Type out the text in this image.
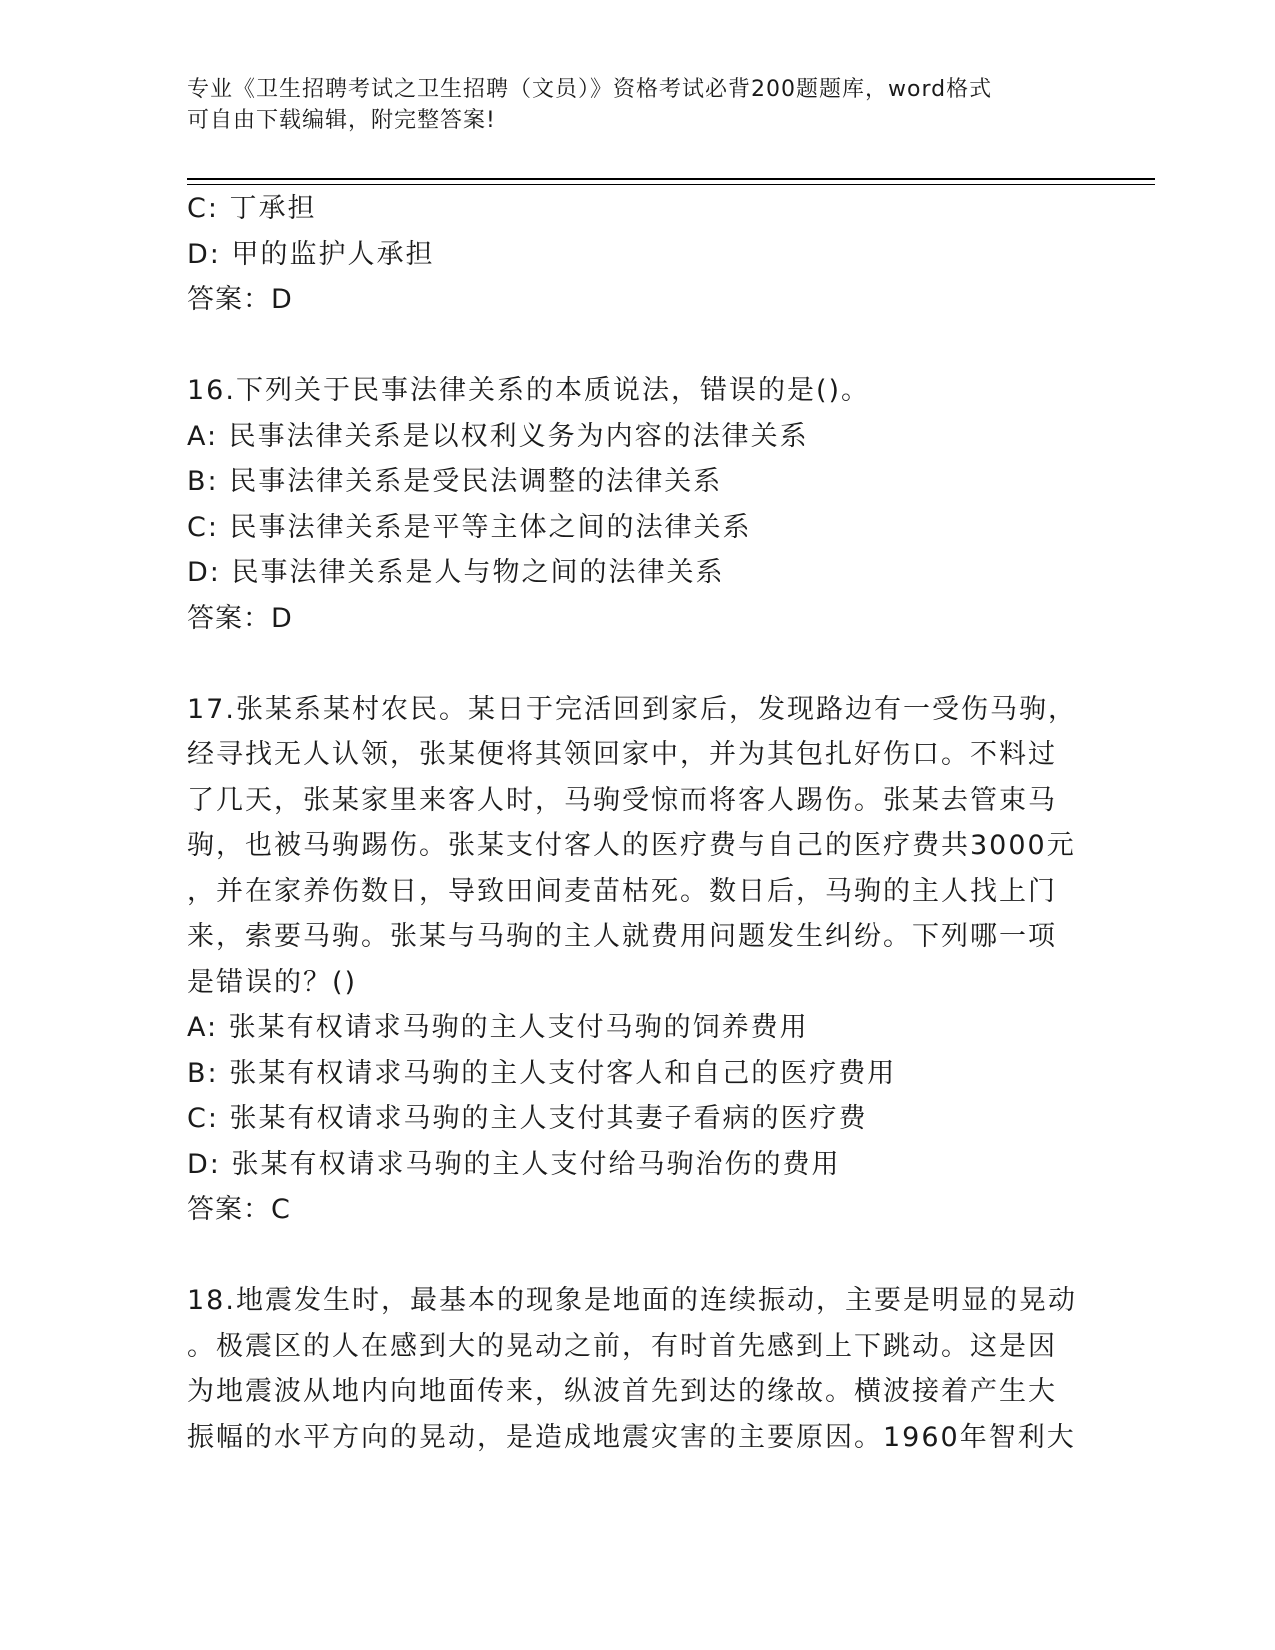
专业《卫生招聘考试之卫生招聘（文员）》资格考试必背200题题库，word格式
可自由下载编辑，附完整答案!
C: 丁承担
D: 甲的监护人承担
答案：D
16.下列关于民事法律关系的本质说法，错误的是()。
A: 民事法律关系是以权利义务为内容的法律关系
B: 民事法律关系是受民法调整的法律关系
C: 民事法律关系是平等主体之间的法律关系
D: 民事法律关系是人与物之间的法律关系
答案：D
17.张某系某村农民。某日于完活回到家后，发现路边有一受伤马驹，
经寻找无人认领，张某便将其领回家中，并为其包扎好伤口。不料过
了几天，张某家里来客人时，马驹受惊而将客人踢伤。张某去管束马
驹，也被马驹踢伤。张某支付客人的医疗费与自己的医疗费共3000元
，并在家养伤数日，导致田间麦苗枯死。数日后，马驹的主人找上门
来，索要马驹。张某与马驹的主人就费用问题发生纠纷。下列哪一项
是错误的？()
A: 张某有权请求马驹的主人支付马驹的饲养费用
B: 张某有权请求马驹的主人支付客人和自己的医疗费用
C: 张某有权请求马驹的主人支付其妻子看病的医疗费
D: 张某有权请求马驹的主人支付给马驹治伤的费用
答案：C
18.地震发生时，最基本的现象是地面的连续振动，主要是明显的晃动
。极震区的人在感到大的晃动之前，有时首先感到上下跳动。这是因
为地震波从地内向地面传来，纵波首先到达的缘故。横波接着产生大
振幅的水平方向的晃动，是造成地震灾害的主要原因。1960年智利大
